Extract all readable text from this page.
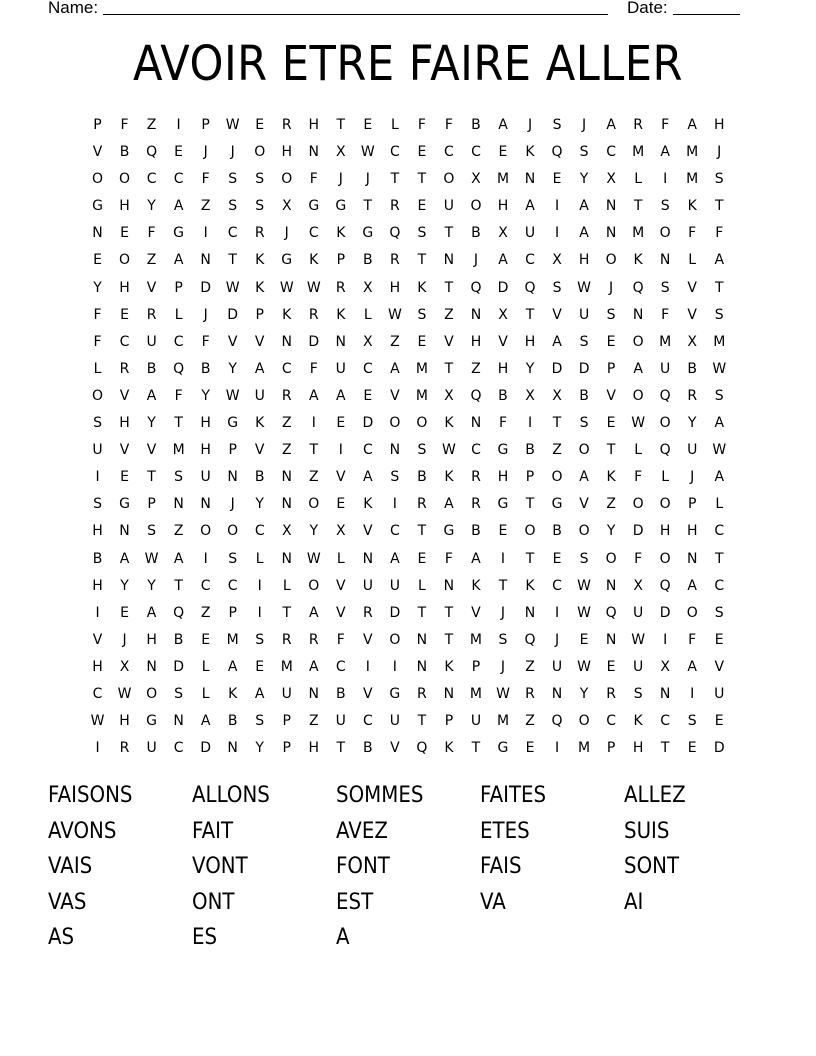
Name:	Date:
AVOIR ETRE FAIRE ALLER
P	F	Z	I	P	W	E	R	H	T	E	L	F	F	B	A	J	S	J	A	R	F	A	H
V	B	Q	E	J	J	O	H	N	X	W	C	E	C	C	E	K	Q	S	C	M	A	M	J
O	O	C	C	F	S	S	O	F	J	J	T	T	O	X	M	N	E	Y	X	L	I	M	S
G	H	Y	A	Z	S	S	X	G	G	T	R	E	U	O	H	A	I	A	N	T	S	K	T
N	E	F	G	I	C	R	J	C	K	G	Q	S	T	B	X	U	I	A	N	M	O	F	F
E	O	Z	A	N	T	K	G	K	P	B	R	T	N	J	A	C	X	H	O	K	N	L	A
Y	H	V	P	D	W	K	W W	R	X	H	K	T	Q	D	Q	S	W	J	Q	S	V	T
F	E	R	L	J	D	P	K	R	K	L	W	S	Z	N	X	T	V	U	S	N	F	V	S
F	C	U	C	F	V	V	N	D	N	X	Z	E	V	H	V	H	A	S	E	O	M	X	M
L	R	B	Q	B	Y	A	C	F	U	C	A	M	T	Z	H	Y	D	D	P	A	U	B	W
O	V	A	F	Y	W	U	R	A	A	E	V	M	X	Q	B	X	X	B	V	O	Q	R	S
S	H	Y	T	H	G	K	Z	I	E	D	O	O	K	N	F	I	T	S	E	W	O	Y	A
U	V	V	M	H	P	V	Z	T	I	C	N	S	W	C	G	B	Z	O	T	L	Q	U	W
I	E	T	S	U	N	B	N	Z	V	A	S	B	K	R	H	P	O	A	K	F	L	J	A
S	G	P	N	N	J	Y	N	O	E	K	I	R	A	R	G	T	G	V	Z	O	O	P	L
H	N	S	Z	O	O	C	X	Y	X	V	C	T	G	B	E	O	B	O	Y	D	H	H	C
B	A	W	A	I	S	L	N	W	L	N	A	E	F	A	I	T	E	S	O	F	O	N	T
H	Y	Y	T	C	C	I	L	O	V	U	U	L	N	K	T	K	C	W	N	X	Q	A	C
I	E	A	Q	Z	P	I	T	A	V	R	D	T	T	V	J	N	I	W	Q	U	D	O	S
V	J	H	B	E	M	S	R	R	F	V	O	N	T	M	S	Q	J	E	N	W	I	F	E
H	X	N	D	L	A	E	M	A	C	I	I	N	K	P	J	Z	U	W	E	U	X	A	V
C	W	O	S	L	K	A	U	N	B	V	G	R	N	M	W	R	N	Y	R	S	N	I	U
W	H	G	N	A	B	S	P	Z	U	C	U	T	P	U	M	Z	Q	O	C	K	C	S	E
I	R	U	C	D	N	Y	P	H	T	B	V	Q	K	T	G	E	I	M	P	H	T	E	D
FAISONS	ALLONS	SOMMES	FAITES	ALLEZ
AVONS	FAIT	AVEZ	ETES	SUIS
VAIS	VONT	FONT	FAIS	SONT
VAS	ONT	EST	VA	AI
AS	ES	A
